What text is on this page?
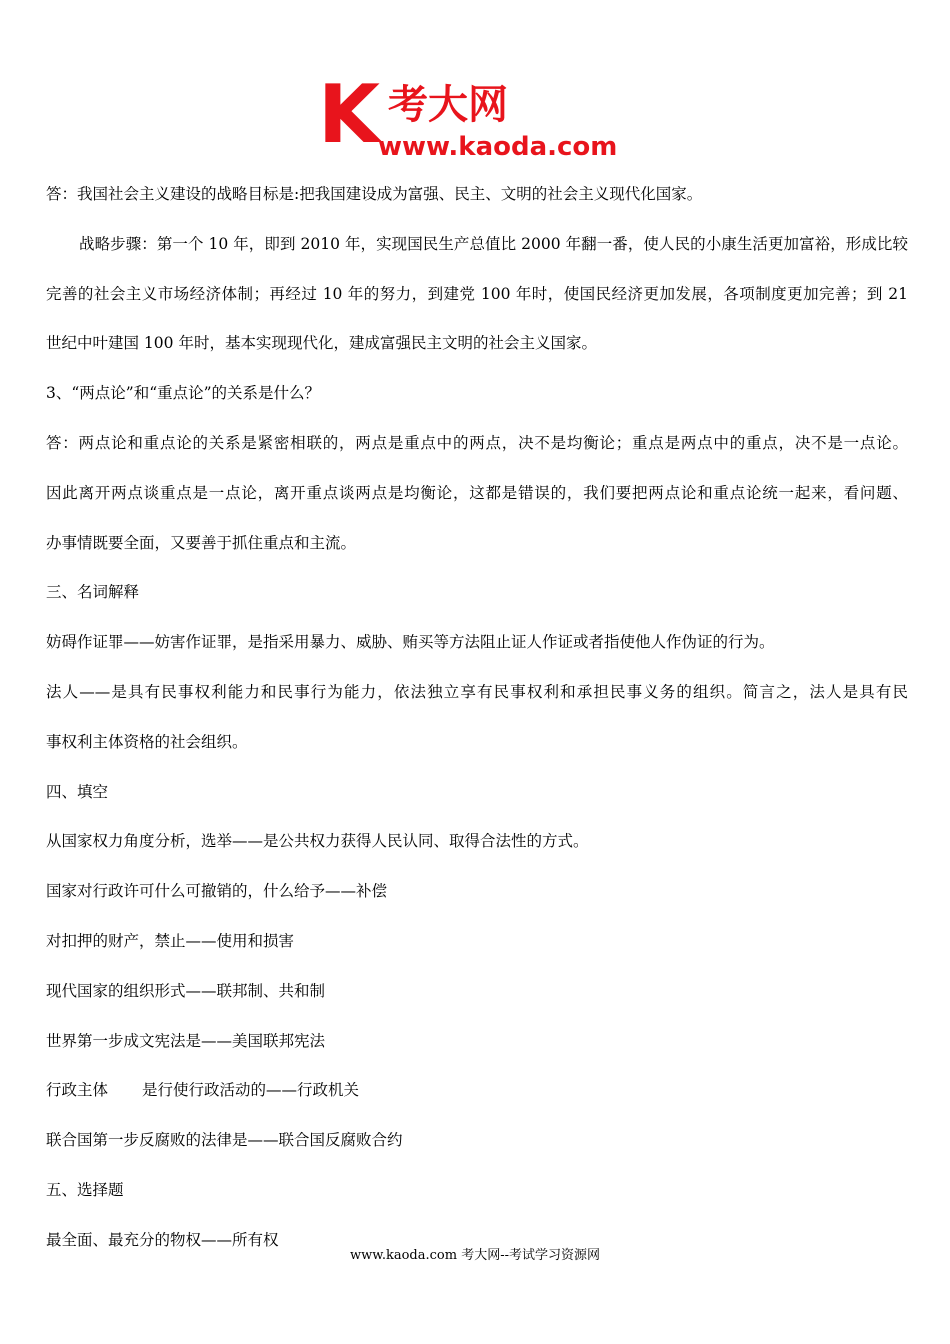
K 考大网
www.kaoda.com
答：我国社会主义建设的战略目标是:把我国建设成为富强、民主、文明的社会主义现代化国家。
战略步骤：第一个 10 年，即到 2010 年，实现国民生产总值比 2000 年翻一番，使人民的小康生活更加富裕，形成比较
完善的社会主义市场经济体制；再经过 10 年的努力，到建党 100 年时，使国民经济更加发展，各项制度更加完善；到 21
世纪中叶建国 100 年时，基本实现现代化，建成富强民主文明的社会主义国家。
3、“两点论”和“重点论”的关系是什么？
答：两点论和重点论的关系是紧密相联的，两点是重点中的两点，决不是均衡论；重点是两点中的重点，决不是一点论。
因此离开两点谈重点是一点论，离开重点谈两点是均衡论，这都是错误的，我们要把两点论和重点论统一起来，看问题、
办事情既要全面，又要善于抓住重点和主流。
三、名词解释
妨碍作证罪——妨害作证罪，是指采用暴力、威胁、贿买等方法阻止证人作证或者指使他人作伪证的行为。
法人——是具有民事权利能力和民事行为能力，依法独立享有民事权利和承担民事义务的组织。简言之，法人是具有民
事权利主体资格的社会组织。
四、填空
从国家权力角度分析，选举——是公共权力获得人民认同、取得合法性的方式。
国家对行政许可什么可撤销的，什么给予——补偿
对扣押的财产，禁止——使用和损害
现代国家的组织形式——联邦制、共和制
世界第一步成文宪法是——美国联邦宪法
行政主体 是行使行政活动的——行政机关
联合国第一步反腐败的法律是——联合国反腐败合约
五、选择题
最全面、最充分的物权——所有权
www.kaoda.com 考大网--考试学习资源网
